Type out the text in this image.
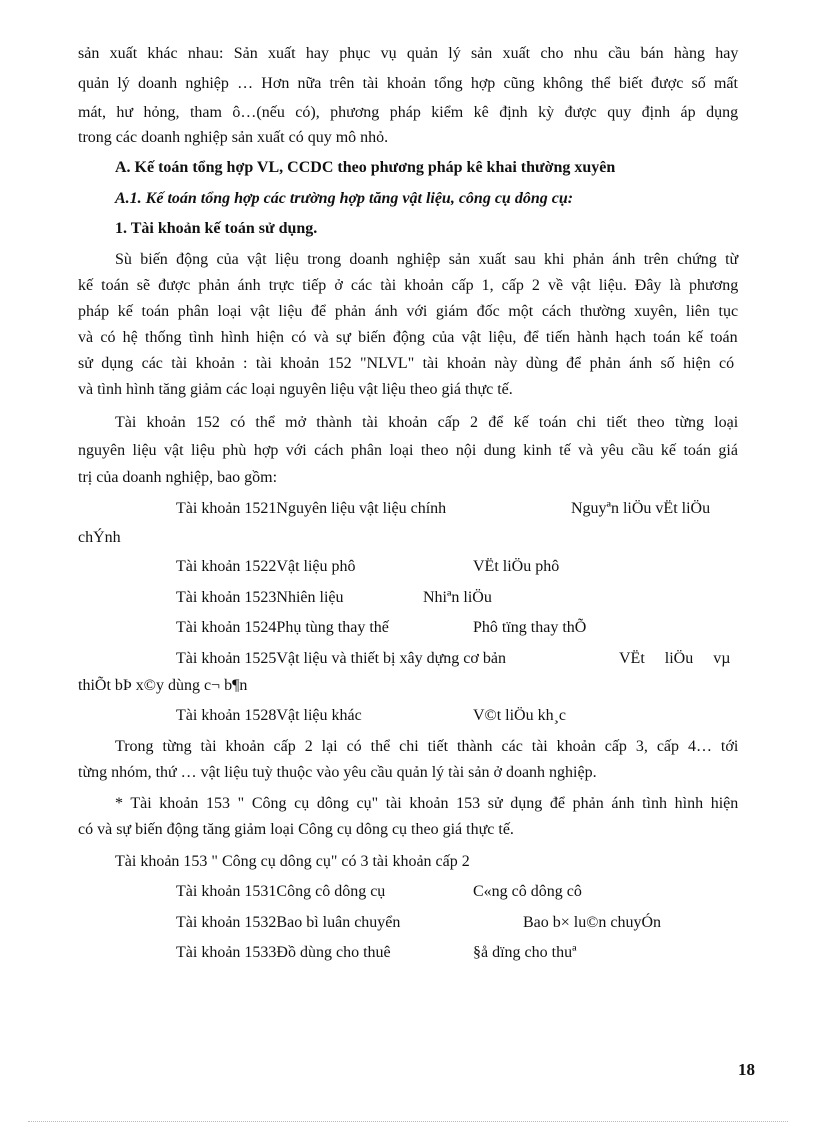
sản xuất khác nhau: Sản xuất hay phục vụ quản lý sản xuất cho nhu cầu bán hàng hay
quản lý doanh nghiệp … Hơn nữa trên tài khoản tổng hợp cũng không thể biết được số mất
mát, hư hỏng, tham ô…(nếu có), phương pháp kiểm kê định kỳ được quy định áp dụng
trong các doanh nghiệp sản xuất có quy mô nhỏ.
A. Kế toán tổng hợp VL, CCDC theo phương pháp kê khai thường xuyên
A.1. Kế toán tổng hợp các trường hợp tăng vật liệu, công cụ dông cụ:
1. Tài khoản kế toán sử dụng.
Sù biến động của vật liệu trong doanh nghiệp sản xuất sau khi phản ánh trên chứng từ
kế toán sẽ được phản ánh trực tiếp ở các tài khoản cấp 1, cấp 2 về vật liệu. Đây là phương
pháp kế toán phân loại vật liệu để phản ánh với giám đốc một cách thường xuyên, liên tục
và có hệ thống tình hình hiện có và sự biến động của vật liệu, để tiến hành hạch toán kế toán
sử dụng các tài khoản : tài khoản 152 "NLVL" tài khoản này dùng để phản ánh số hiện có
và tình hình tăng giảm các loại nguyên liệu vật liệu theo giá thực tế.
Tài khoản 152 có thể mở thành tài khoản cấp 2 để kế toán chi tiết theo từng loại
nguyên liệu vật liệu phù hợp với cách phân loại theo nội dung kinh tế và yêu cầu kế toán giá
trị của doanh nghiệp, bao gồm:
Tài khoản 1521Nguyên liệu vật liệu chính	Nguyªn liÖu vËt liÖu
chÝnh
Tài khoản 1522Vật liệu phô	VËt liÖu phô
Tài khoản 1523Nhiên liệu	Nhiªn liÖu
Tài khoản 1524Phụ tùng thay thế	Phô tïng thay thÕ
Tài khoản 1525Vật liệu và thiết bị xây dựng cơ bản	VËt     liÖu     vµ
thiÕt bÞ x©y dùng c¬ b¶n
Tài khoản 1528Vật liệu khác	V©t liÖu kh¸c
Trong từng tài khoản cấp 2 lại có thể chi tiết thành các tài khoản cấp 3, cấp 4… tới
từng nhóm, thứ … vật liệu tuỳ thuộc vào yêu cầu quản lý tài sản ở doanh nghiệp.
* Tài khoản 153 " Công cụ dông cụ" tài khoản 153 sử dụng để phản ánh tình hình hiện
có và sự biến động tăng giảm loại Công cụ dông cụ theo giá thực tế.
Tài khoản 153 " Công cụ dông cụ" có 3 tài khoản cấp 2
Tài khoản 1531Công cô dông cụ	C«ng cô dông cô
Tài khoản 1532Bao bì luân chuyển	Bao b× lu©n chuyÓn
Tài khoản 1533Đồ dùng cho thuê	§å dïng cho thuª
18
